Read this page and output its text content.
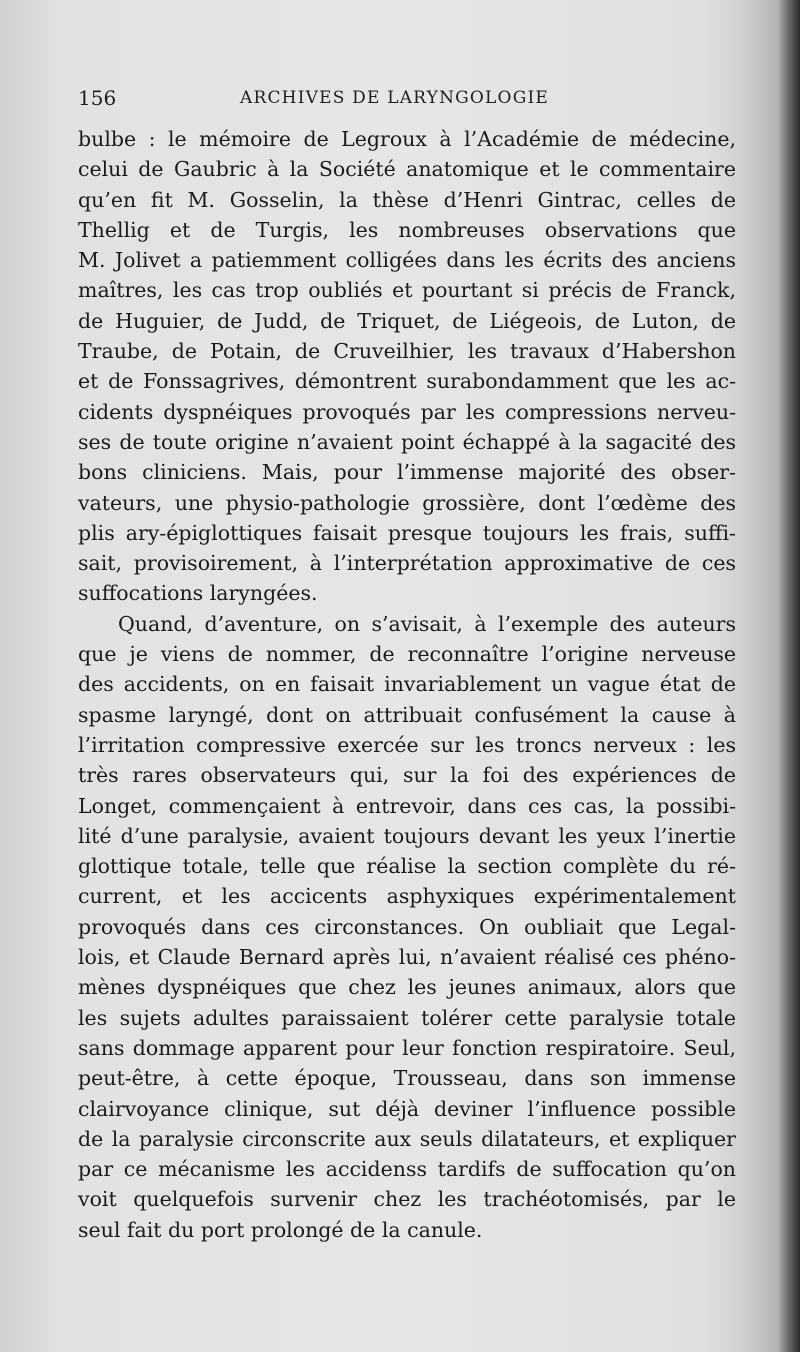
156	ARCHIVES DE LARYNGOLOGIE

bulbe : le mémoire de Legroux à l’Académie de médecine,
celui de Gaubric à la Société anatomique et le commentaire
qu’en fit M. Gosselin, la thèse d’Henri Gintrac, celles de
Thellig et de Turgis, les nombreuses observations que
M. Jolivet a patiemment colligées dans les écrits des anciens
maîtres, les cas trop oubliés et pourtant si précis de Franck,
de Huguier, de Judd, de Triquet, de Liégeois, de Luton, de
Traube, de Potain, de Cruveilhier, les travaux d’Habershon
et de Fonssagrives, démontrent surabondamment que les ac-
cidents dyspnéiques provoqués par les compressions nerveu-
ses de toute origine n’avaient point échappé à la sagacité des
bons cliniciens. Mais, pour l’immense majorité des obser-
vateurs, une physio-pathologie grossière, dont l’œdème des
plis ary-épiglottiques faisait presque toujours les frais, suffi-
sait, provisoirement, à l’interprétation approximative de ces
suffocations laryngées.

Quand, d’aventure, on s’avisait, à l’exemple des auteurs
que je viens de nommer, de reconnaître l’origine nerveuse
des accidents, on en faisait invariablement un vague état de
spasme laryngé, dont on attribuait confusément la cause à
l’irritation compressive exercée sur les troncs nerveux : les
très rares observateurs qui, sur la foi des expériences de
Longet, commençaient à entrevoir, dans ces cas, la possibi-
lité d’une paralysie, avaient toujours devant les yeux l’inertie
glottique totale, telle que réalise la section complète du ré-
current, et les accicents asphyxiques expérimentalement
provoqués dans ces circonstances. On oubliait que Legal-
lois, et Claude Bernard après lui, n’avaient réalisé ces phéno-
mènes dyspnéiques que chez les jeunes animaux, alors que
les sujets adultes paraissaient tolérer cette paralysie totale
sans dommage apparent pour leur fonction respiratoire. Seul,
peut-être, à cette époque, Trousseau, dans son immense
clairvoyance clinique, sut déjà deviner l’influence possible
de la paralysie circonscrite aux seuls dilatateurs, et expliquer
par ce mécanisme les accidenss tardifs de suffocation qu’on
voit quelquefois survenir chez les trachéotomisés, par le
seul fait du port prolongé de la canule.
